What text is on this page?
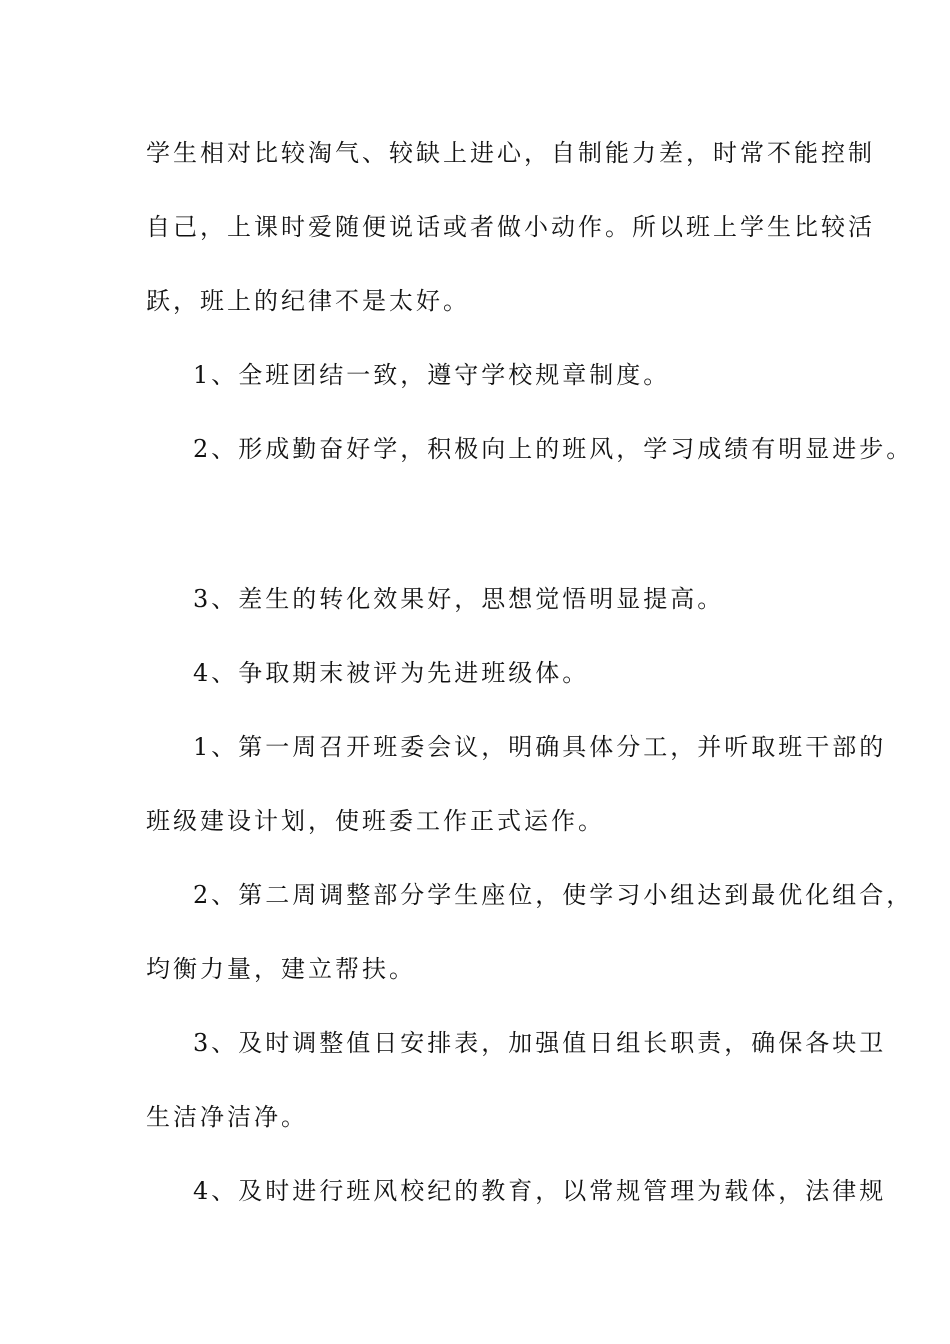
学生相对比较淘气、较缺上进心，自制能力差，时常不能控制
自己，上课时爱随便说话或者做小动作。所以班上学生比较活
跃，班上的纪律不是太好。
1、全班团结一致，遵守学校规章制度。
2、形成勤奋好学，积极向上的班风，学习成绩有明显进步。
3、差生的转化效果好，思想觉悟明显提高。
4、争取期末被评为先进班级体。
1、第一周召开班委会议，明确具体分工，并听取班干部的
班级建设计划，使班委工作正式运作。
2、第二周调整部分学生座位，使学习小组达到最优化组合，
均衡力量，建立帮扶。
3、及时调整值日安排表，加强值日组长职责，确保各块卫
生洁净洁净。
4、及时进行班风校纪的教育，以常规管理为载体，法律规
